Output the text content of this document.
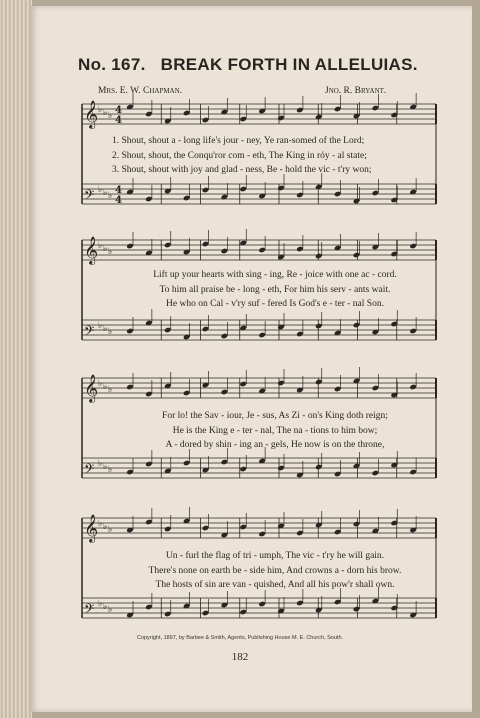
No. 167. BREAK FORTH IN ALLELUIAS.
Mrs. E. W. Chapman.	Jno. R. Bryant.
𝄞 ♭ ♭ ♭
𝄢 ♭ ♭ ♭
𝄞 ♭ ♭ ♭
𝄢 ♭ ♭ ♭
𝄞 ♭ ♭ ♭
𝄢 ♭ ♭ ♭
𝄞 ♭ ♭ ♭
𝄢 ♭ ♭ ♭
4
4
4
4
1. Shout, shout a - long life's jour - ney, Ye ran-somed of the Lord;
2. Shout, shout, the Conqu'ror com - eth, The King in róy - al state;
3. Shout, shout with joy and glad - ness, Be - hold the vic - t'ry won;
Lift up your hearts with sing - ing, Re - joice with one ac - cord.
To him all praise be - long - eth, For him his serv - ants wait.
He who on Cal - v'ry suf - fered Is God's e - ter - nal Son.
For lo! the Sav - iour, Je - sus, As Zi - on's King doth reign;
He is the King e - ter - nal, The na - tions to him bow;
A - dored by shin - ing an - gels, He now is on the throne,
Un - furl the flag of tri - umph, The vic - t'ry he will gain.
There's none on earth be - side him, And crowns a - dorn his brow.
The hosts of sin are van - quished, And all his pow'r shall own.
Copyright, 1897, by Barbee & Smith, Agents, Publishing House M. E. Church, South.
182
